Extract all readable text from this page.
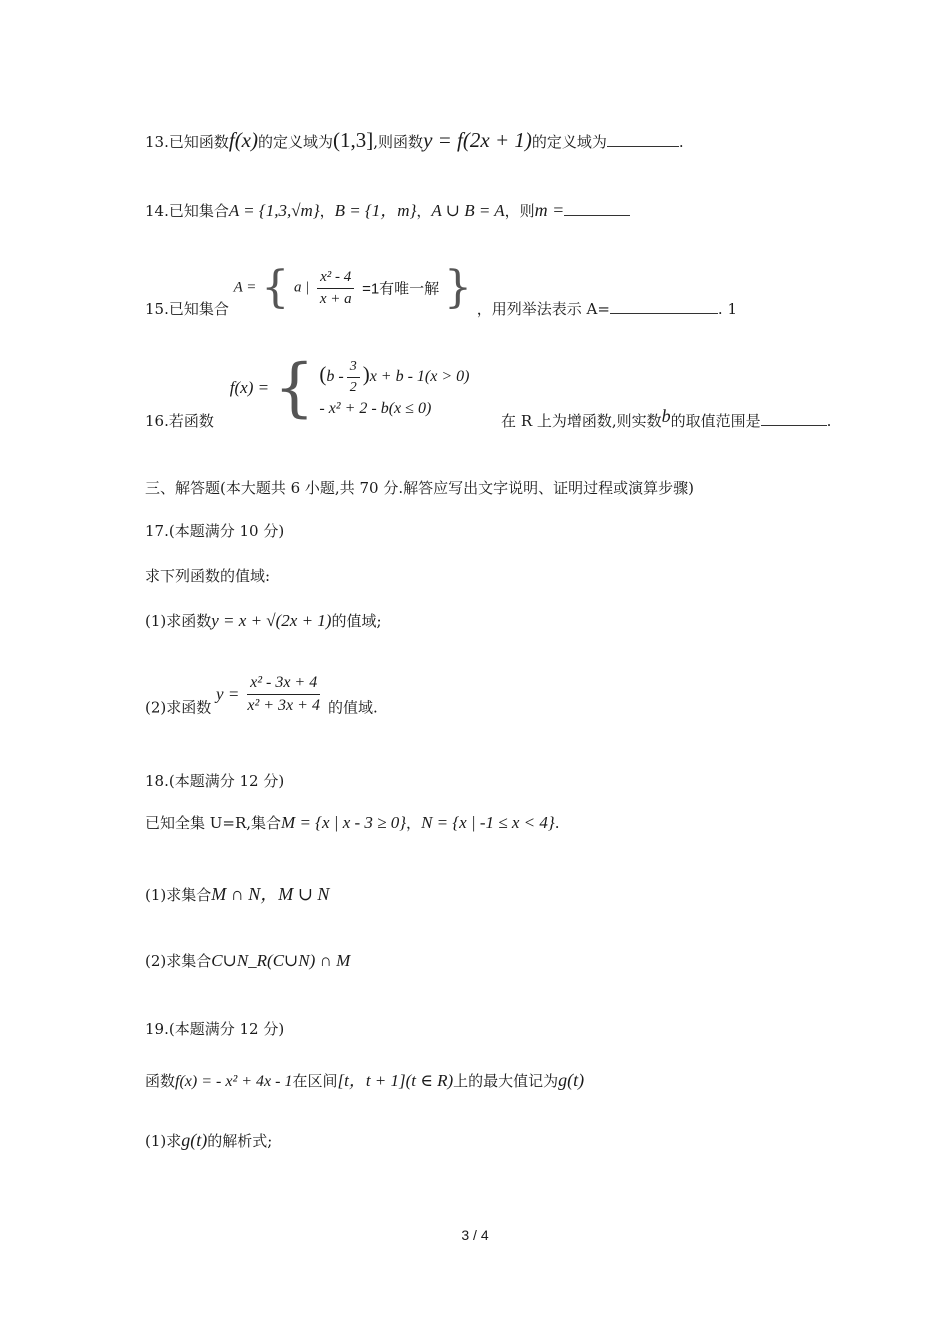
13.已知函数f(x)的定义域为(1,3],则函数y = f(2x + 1)的定义域为	.
14.已知集合A = {1,3,√m}，B = {1，m}，A ∪ B = A，则m =
15.已知集合 A = { a | $\frac{\text{x² - 4}}{x + a} =1$有唯一解 } ，用列举法表示 A=	. 1
16.若函数 f(x) = { $(b - \frac{3}{2} )x + b - 1(x > 0)$
- x² + 2 - b(x ≤ 0)
在 R 上为增函数,则实数b的取值范围是	.
三、解答题(本大题共 6 小题,共 70 分.解答应写出文字说明、证明过程或演算步骤)
17.(本题满分 10 分)
求下列函数的值域:
(1)求函数y = x + √(2x + 1)的值域;
(2)求函数 $y = \frac{\text{x² - 3x + 4}}{\text{x² + 3x + 4}}$ 的值域.
18.(本题满分 12 分)
已知全集 U=R,集合M = {x | x - 3 ≥ 0}，N = {x | -1 ≤ x < 4}.
(1)求集合M ∩ N，M ∪ N
(2)求集合C∪N_R(C∪N) ∩ M
19.(本题满分 12 分)
函数f(x) = - x² + 4x - 1在区间[t，t + 1](t ∈ R)上的最大值记为g(t)
(1)求g(t)的解析式;
3 / 4
